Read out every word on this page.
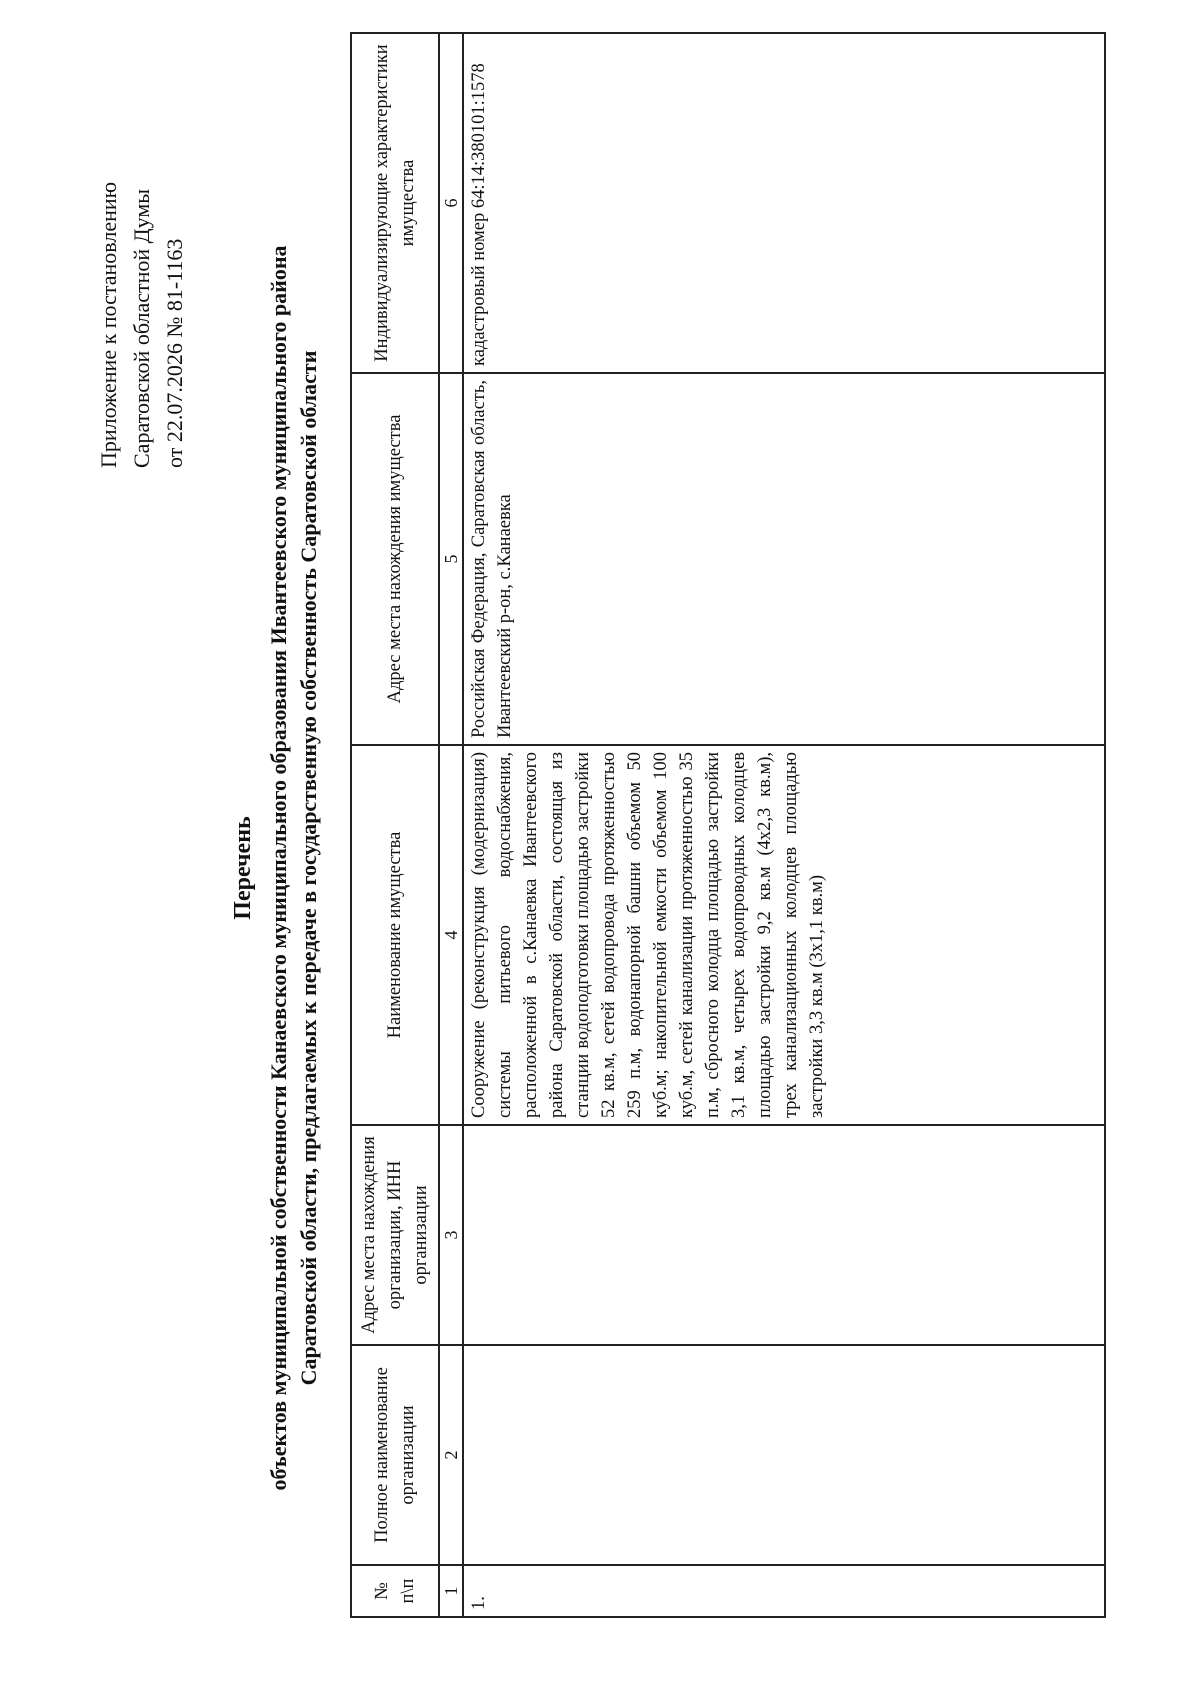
Приложение к постановлению Саратовской областной Думы от 22.07.2026 № 81-1163
Перечень объектов муниципальной собственности Канаевского муниципального образования Ивантеевского муниципального района Саратовской области, предлагаемых к передаче в государственную собственность Саратовской области
№ п\п	Полное наименование организации	Адрес места нахождения организации, ИНН организации	Наименование имущества	Адрес места нахождения имущества	Индивидуализирующие характеристики имущества
1	2	3	4	5	6
1.			Сооружение (реконструкция (модернизация) системы питьевого водоснабжения, расположенной в с.Канаевка Ивантеевского района Саратовской области, состоящая из станции водоподготовки площадью застройки 52 кв.м, сетей водопровода протяженностью 259 п.м, водонапорной башни объемом 50 куб.м; накопительной емкости объемом 100 куб.м, сетей канализации протяженностью 35 п.м, сбросного колодца площадью застройки 3,1 кв.м, четырех водопроводных колодцев площадью застройки 9,2 кв.м (4х2,3 кв.м), трех канализационных колодцев площадью застройки 3,3 кв.м (3х1,1 кв.м)	Российская Федерация, Саратовская область, Ивантеевский р-он, с.Канаевка	кадастровый номер 64:14:380101:1578
